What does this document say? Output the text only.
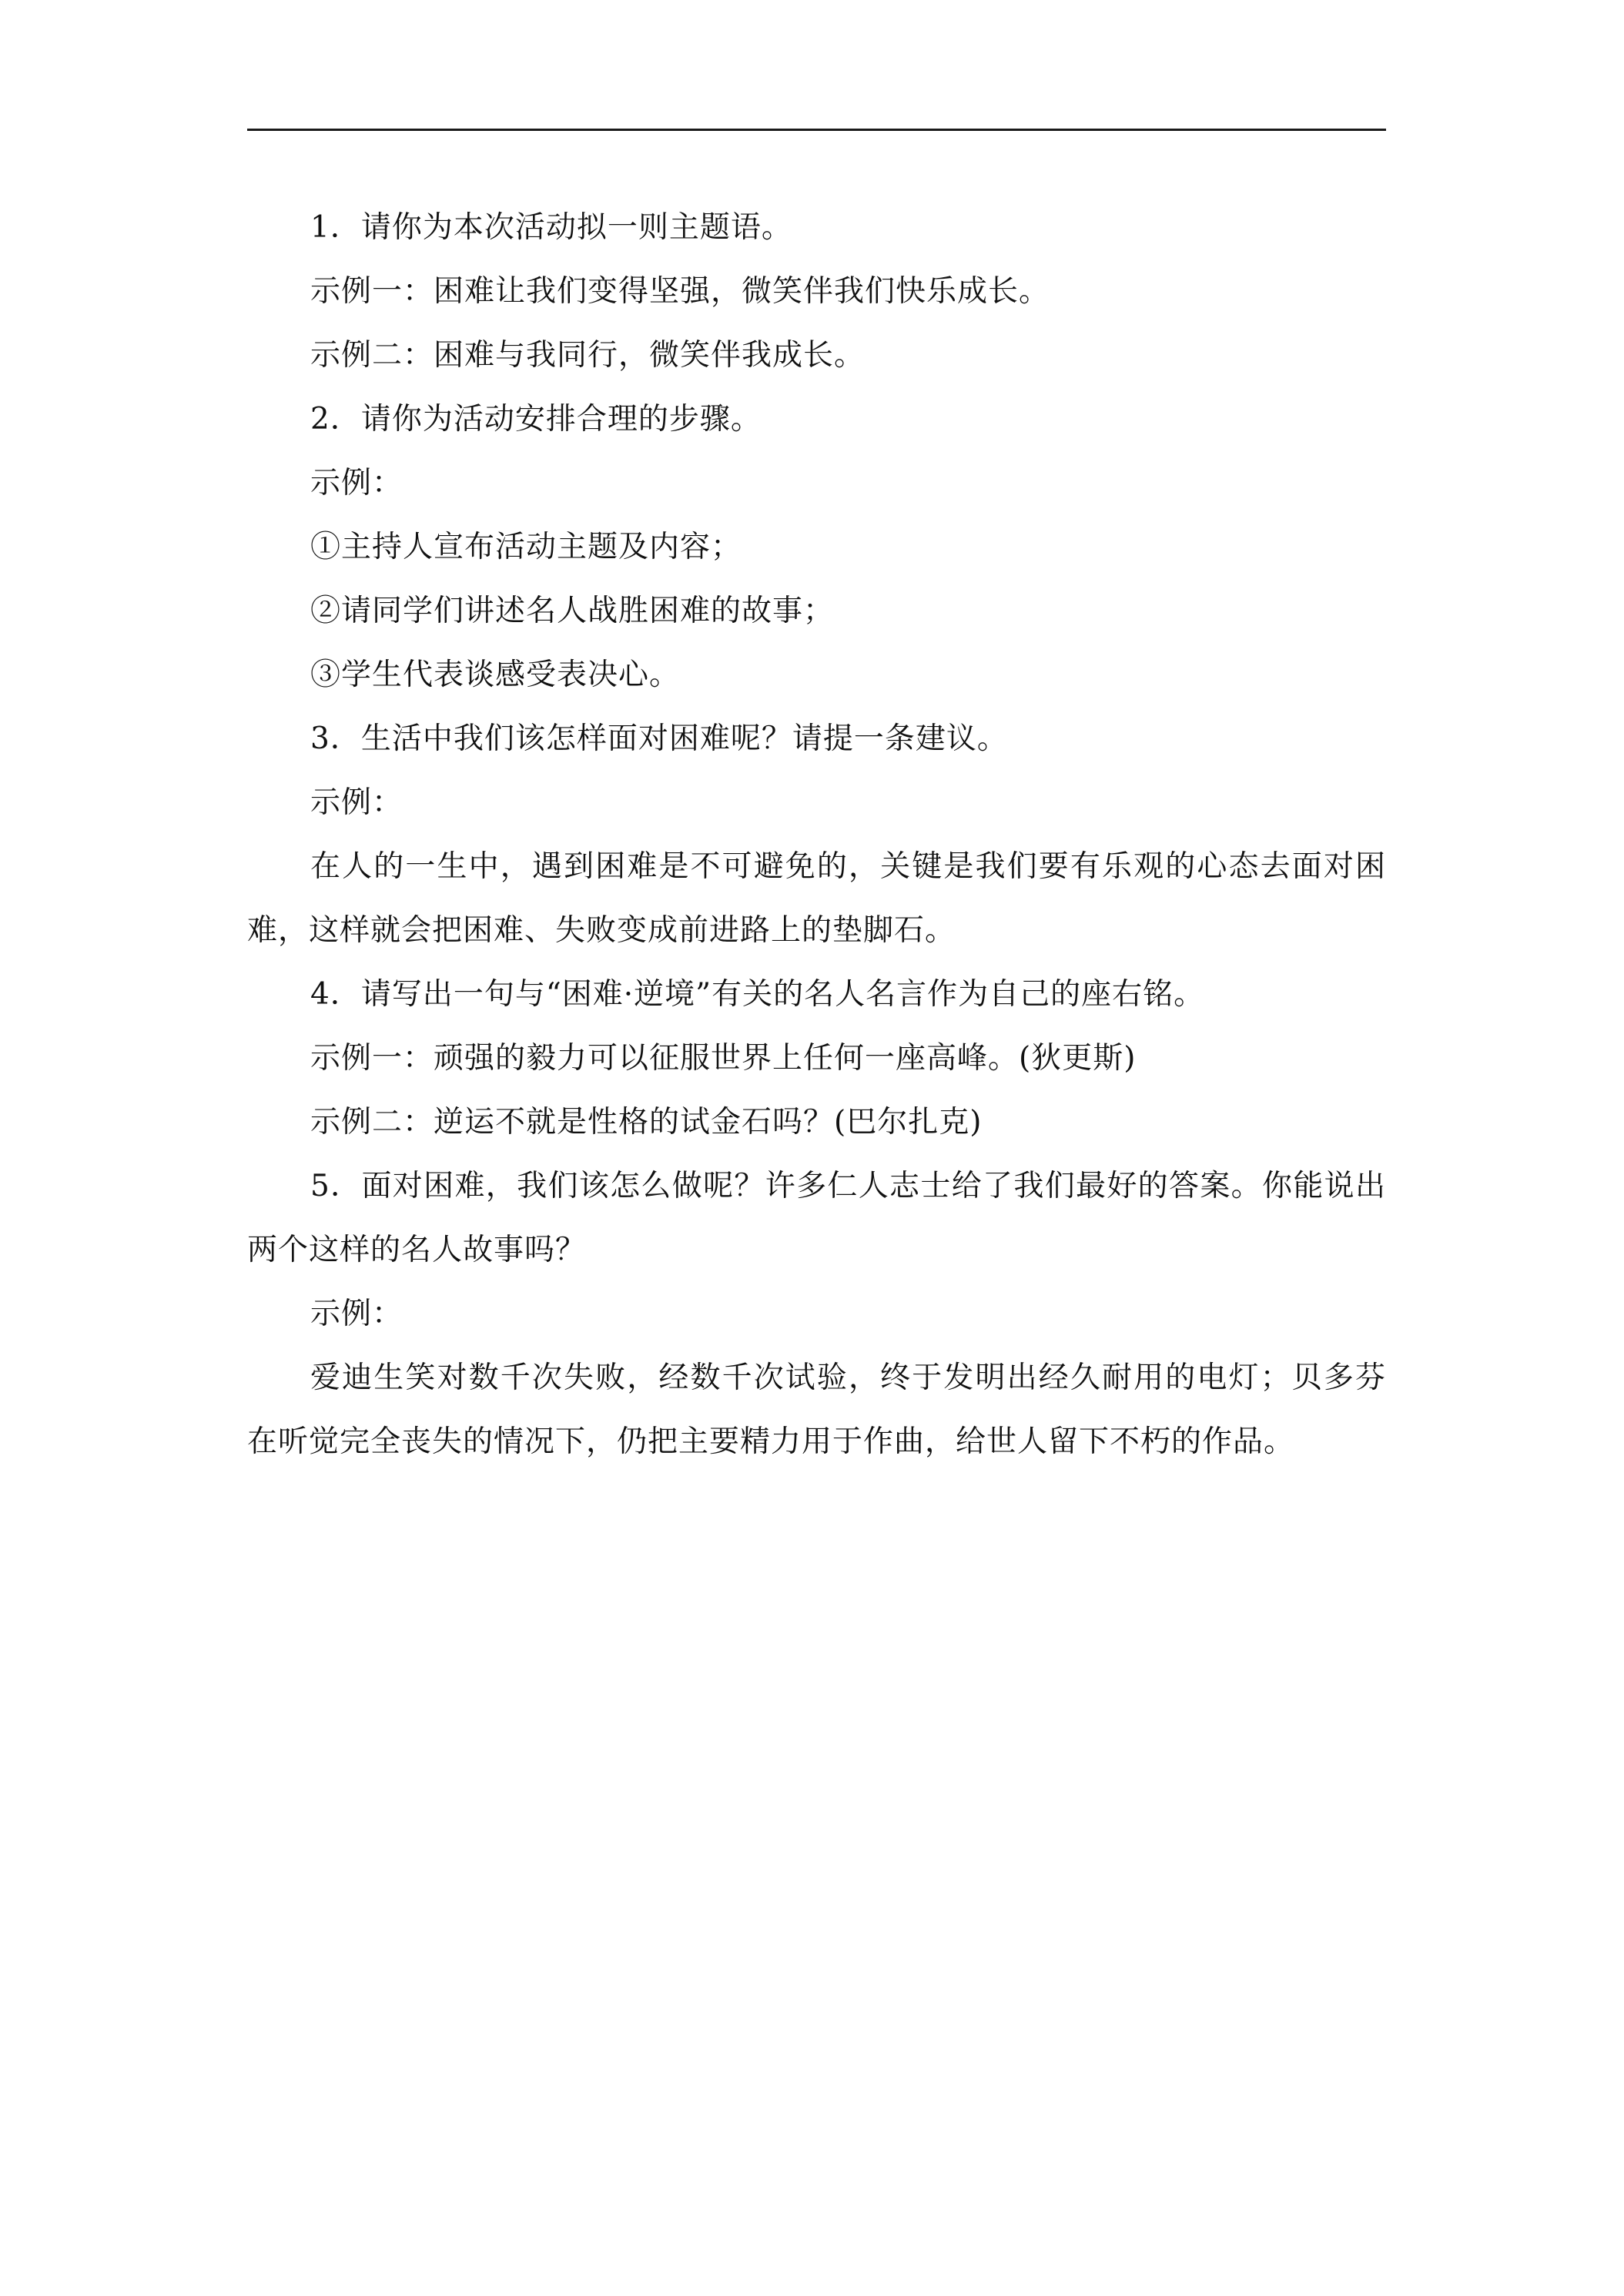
1．请你为本次活动拟一则主题语。
示例一：困难让我们变得坚强，微笑伴我们快乐成长。
示例二：困难与我同行，微笑伴我成长。
2．请你为活动安排合理的步骤。
示例：
①主持人宣布活动主题及内容；
②请同学们讲述名人战胜困难的故事；
③学生代表谈感受表决心。
3．生活中我们该怎样面对困难呢？请提一条建议。
示例：
在人的一生中，遇到困难是不可避免的，关键是我们要有乐观的心态去面对困难，这样就会把困难、失败变成前进路上的垫脚石。
4．请写出一句与“困难·逆境”有关的名人名言作为自己的座右铭。
示例一：顽强的毅力可以征服世界上任何一座高峰。(狄更斯)
示例二：逆运不就是性格的试金石吗？(巴尔扎克)
5．面对困难，我们该怎么做呢？许多仁人志士给了我们最好的答案。你能说出两个这样的名人故事吗？
示例：
爱迪生笑对数千次失败，经数千次试验，终于发明出经久耐用的电灯；贝多芬在听觉完全丧失的情况下，仍把主要精力用于作曲，给世人留下不朽的作品。
